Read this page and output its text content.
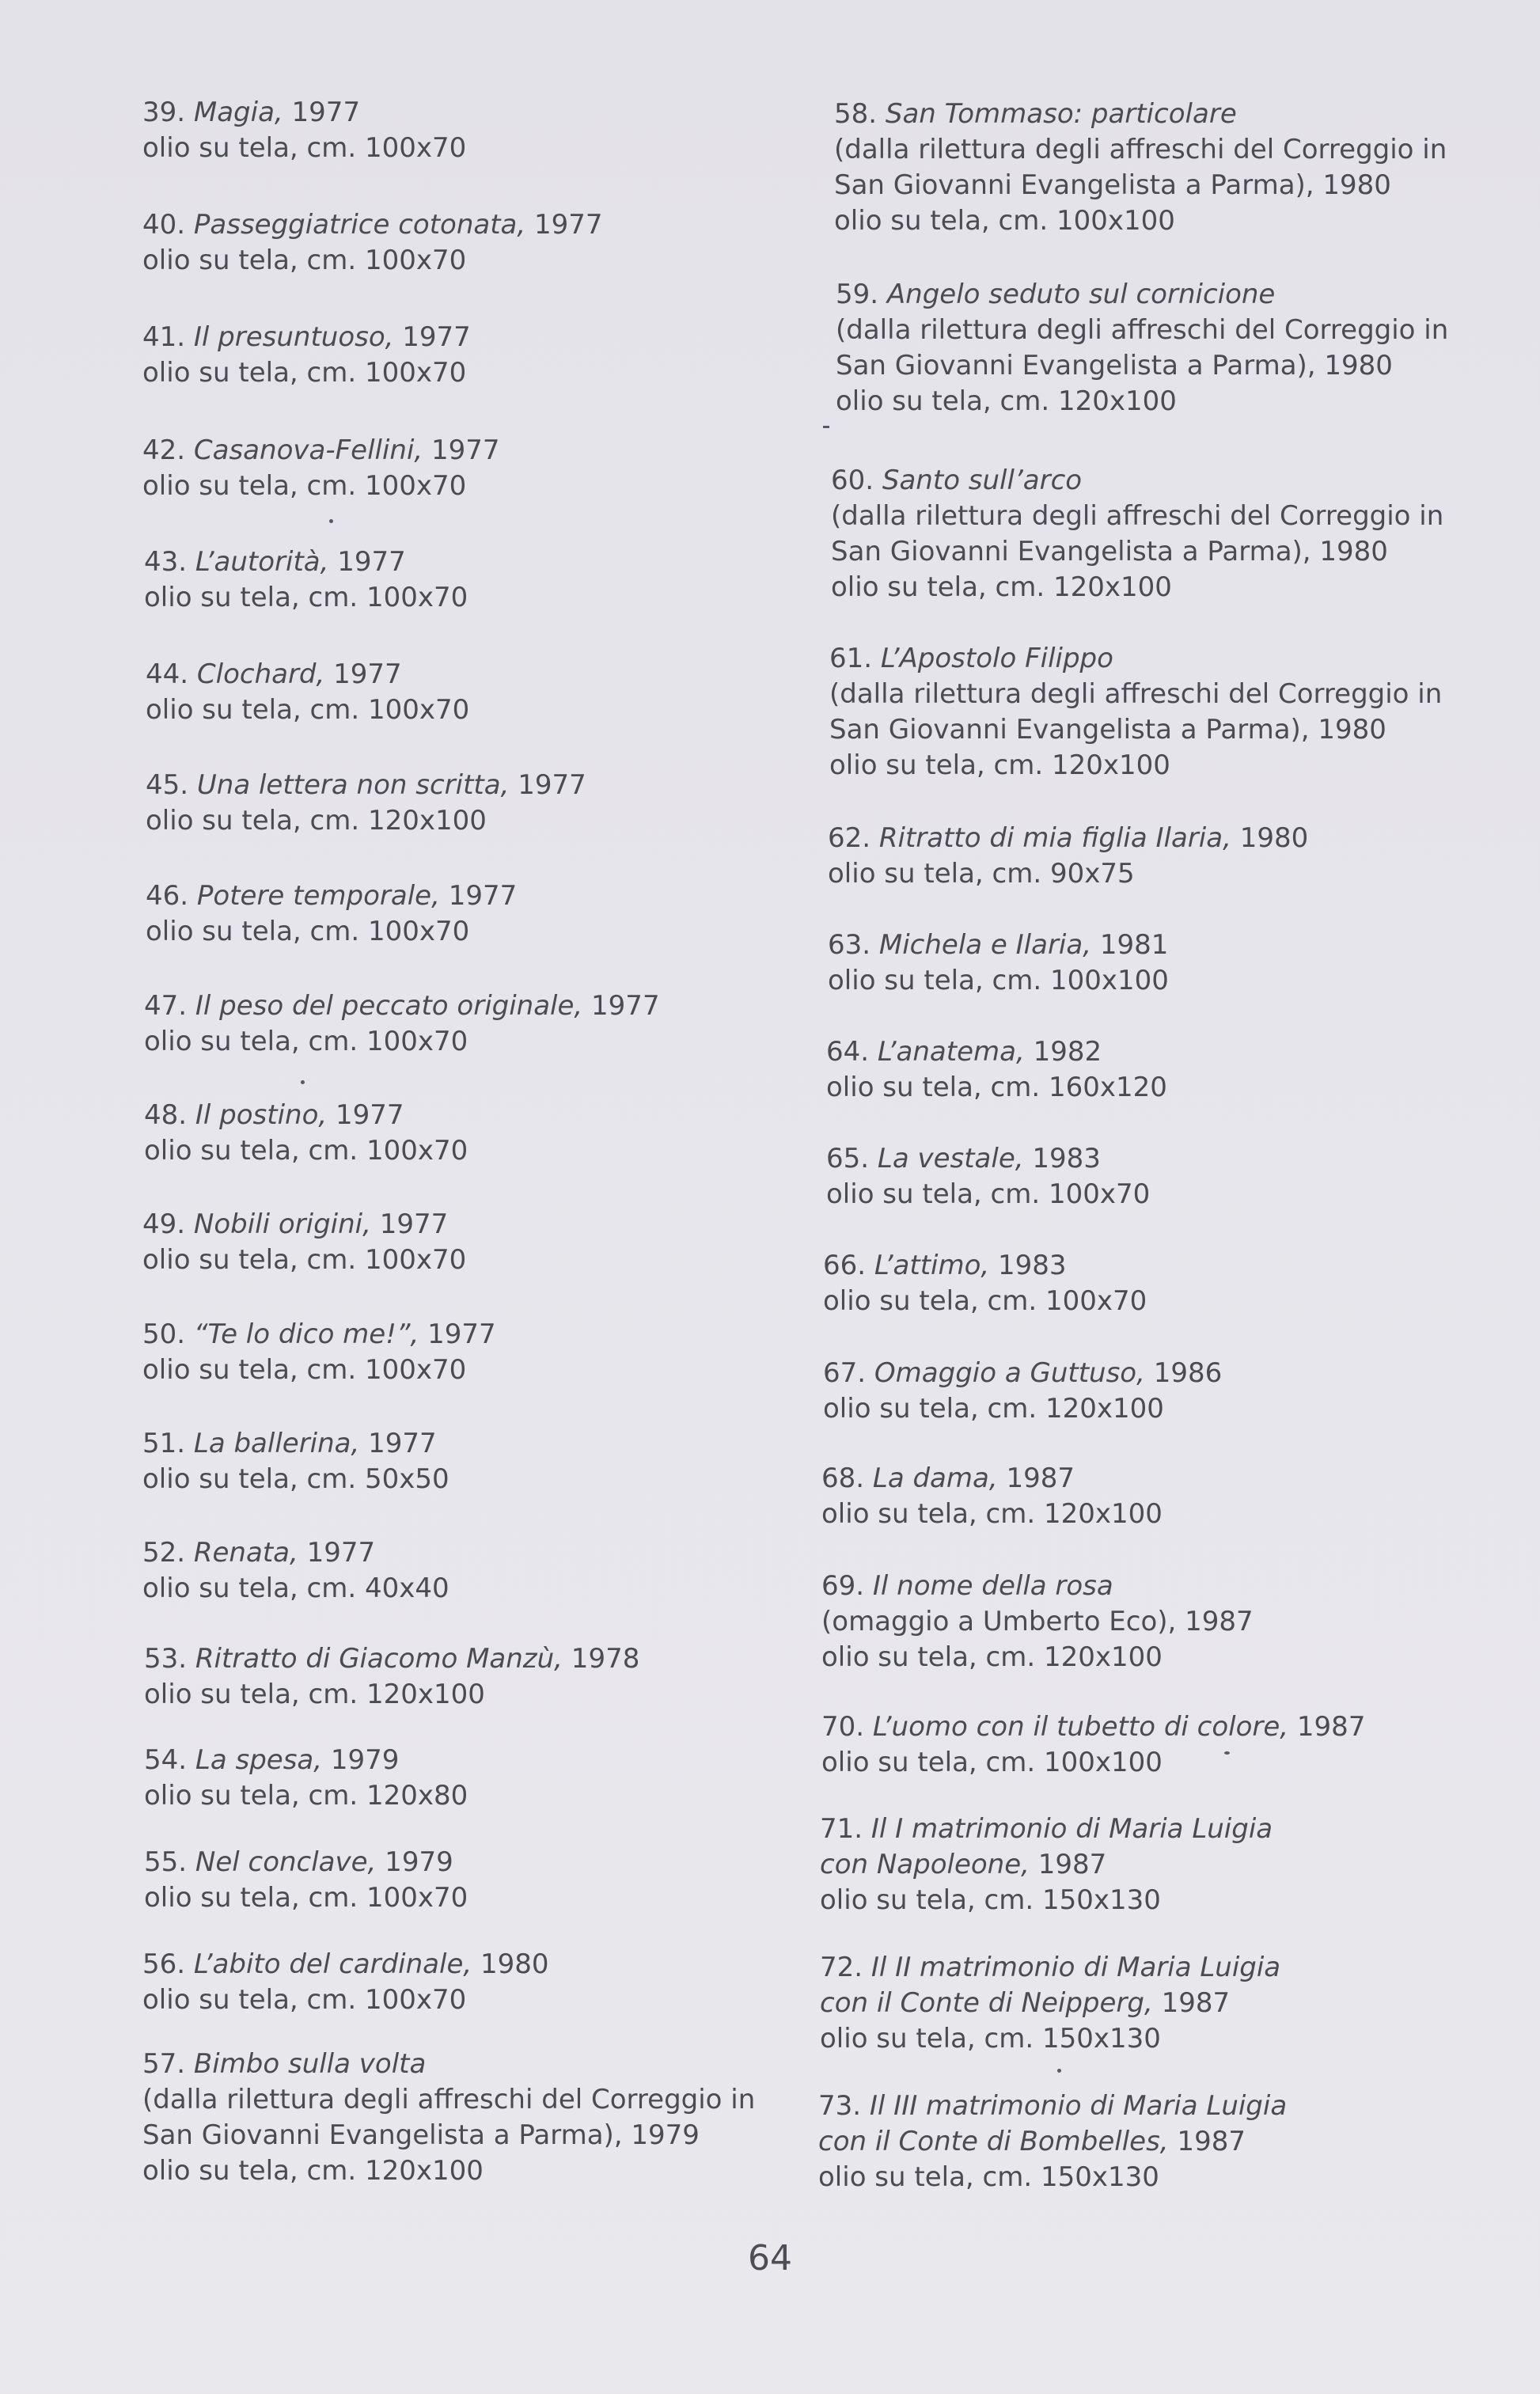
39. Magia, 1977
olio su tela, cm. 100x70
40. Passeggiatrice cotonata, 1977
olio su tela, cm. 100x70
41. Il presuntuoso, 1977
olio su tela, cm. 100x70
42. Casanova-Fellini, 1977
olio su tela, cm. 100x70
43. L’autorità, 1977
olio su tela, cm. 100x70
44. Clochard, 1977
olio su tela, cm. 100x70
45. Una lettera non scritta, 1977
olio su tela, cm. 120x100
46. Potere temporale, 1977
olio su tela, cm. 100x70
47. Il peso del peccato originale, 1977
olio su tela, cm. 100x70
48. Il postino, 1977
olio su tela, cm. 100x70
49. Nobili origini, 1977
olio su tela, cm. 100x70
50. “Te lo dico me!”, 1977
olio su tela, cm. 100x70
51. La ballerina, 1977
olio su tela, cm. 50x50
52. Renata, 1977
olio su tela, cm. 40x40
53. Ritratto di Giacomo Manzù, 1978
olio su tela, cm. 120x100
54. La spesa, 1979
olio su tela, cm. 120x80
55. Nel conclave, 1979
olio su tela, cm. 100x70
56. L’abito del cardinale, 1980
olio su tela, cm. 100x70
57. Bimbo sulla volta
(dalla rilettura degli affreschi del Correggio in
San Giovanni Evangelista a Parma), 1979
olio su tela, cm. 120x100
58. San Tommaso: particolare
(dalla rilettura degli affreschi del Correggio in
San Giovanni Evangelista a Parma), 1980
olio su tela, cm. 100x100
59. Angelo seduto sul cornicione
(dalla rilettura degli affreschi del Correggio in
San Giovanni Evangelista a Parma), 1980
olio su tela, cm. 120x100
60. Santo sull’arco
(dalla rilettura degli affreschi del Correggio in
San Giovanni Evangelista a Parma), 1980
olio su tela, cm. 120x100
61. L’Apostolo Filippo
(dalla rilettura degli affreschi del Correggio in
San Giovanni Evangelista a Parma), 1980
olio su tela, cm. 120x100
62. Ritratto di mia figlia Ilaria, 1980
olio su tela, cm. 90x75
63. Michela e Ilaria, 1981
olio su tela, cm. 100x100
64. L’anatema, 1982
olio su tela, cm. 160x120
65. La vestale, 1983
olio su tela, cm. 100x70
66. L’attimo, 1983
olio su tela, cm. 100x70
67. Omaggio a Guttuso, 1986
olio su tela, cm. 120x100
68. La dama, 1987
olio su tela, cm. 120x100
69. Il nome della rosa
(omaggio a Umberto Eco), 1987
olio su tela, cm. 120x100
70. L’uomo con il tubetto di colore, 1987
olio su tela, cm. 100x100
71. Il I matrimonio di Maria Luigia
con Napoleone, 1987
olio su tela, cm. 150x130
72. Il II matrimonio di Maria Luigia
con il Conte di Neipperg, 1987
olio su tela, cm. 150x130
73. Il III matrimonio di Maria Luigia
con il Conte di Bombelles, 1987
olio su tela, cm. 150x130
64
